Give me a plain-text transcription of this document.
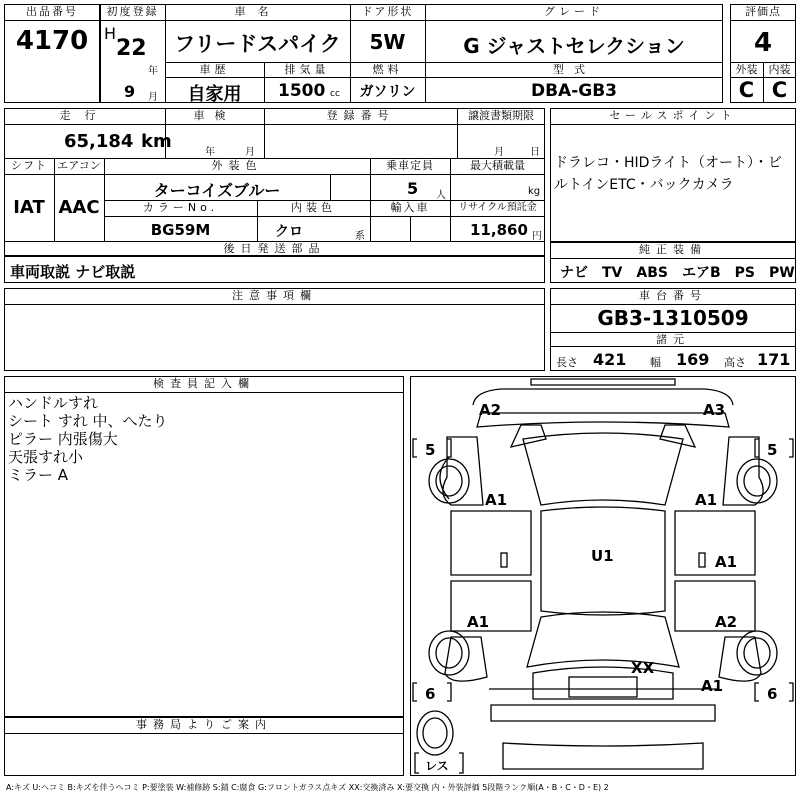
出品番号
4170
初度登録
H
22
年
9 月
車名
フリードスパイク
ドア形状
5W
グレード
G ジャストセレクション
車歴
自家用
排気量
1500 cc
燃料
ガソリン
型式
DBA-GB3
評価点
4
外装	内装
C C
走行
65,184 km
車検
年	月
登録番号	譲渡書類期限
月	日
シフト
IAT
エアコン
AAC
外装色
ターコイズブルー
乗車定員
5 人
最大積載量
kg
カラーNo.
BG59M
内装色
クロ	系
輸入車	リサイクル預託金
11,860 円
後日発送部品
車両取説 ナビ取説
セールスポイント
ドラレコ・HIDライト（オート）・ビルトインETC・バックカメラ
純正装備
ナビ　TV　ABS　エアB　PS　PW
注意事項欄	車台番号
GB3-1310509
諸元
長さ 421 幅 169 高さ 171
検査員記入欄
ハンドルすれ
シート すれ 中、へたり
ピラー 内張傷大
天張すれ小
ミラー A
事務局よりご案内
A2	A3
5	5
A1	A1
U1	A1
A1	A2
XX
A1
6	6
レス
A:キズ U:ヘコミ B:キズを伴うヘコミ P:要塗装 W:補修跡 S:錆 C:腐食 G:フロントガラス点キズ XX:交換済み X:要交換 内・外装評価 5段階ランク順(A・B・C・D・E) 2
